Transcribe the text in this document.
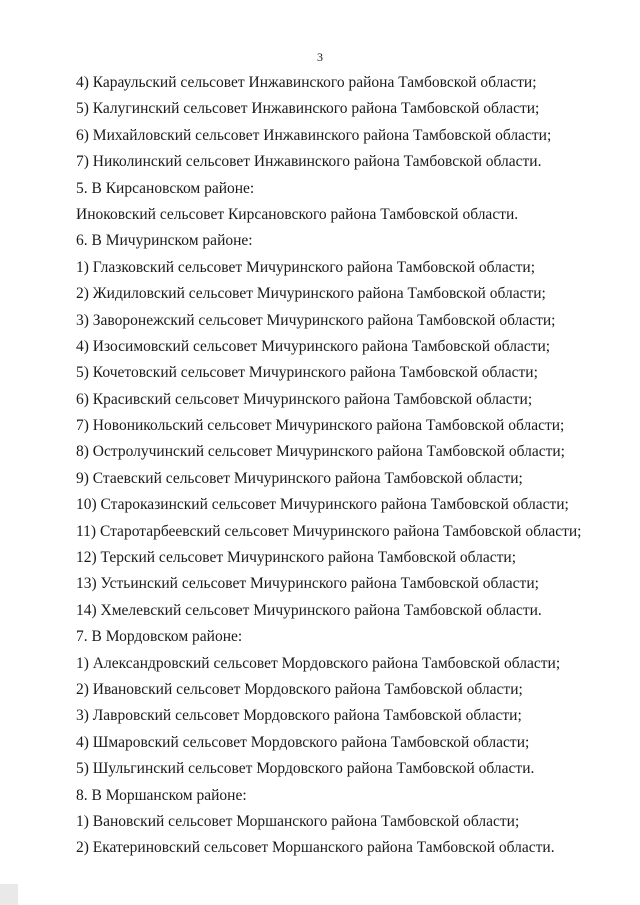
3

4) Караульский сельсовет Инжавинского района Тамбовской области;

5) Калугинский сельсовет Инжавинского района Тамбовской области;

6) Михайловский сельсовет Инжавинского района Тамбовской области;

7) Николинский сельсовет Инжавинского района Тамбовской области.

5. В Кирсановском районе:

Иноковский сельсовет Кирсановского района Тамбовской области.

6. В Мичуринском районе:

1) Глазковский сельсовет Мичуринского района Тамбовской области;

2) Жидиловский сельсовет Мичуринского района Тамбовской области;

3) Заворонежский сельсовет Мичуринского района Тамбовской области;

4) Изосимовский сельсовет Мичуринского района Тамбовской области;

5) Кочетовский сельсовет Мичуринского района Тамбовской области;

6) Красивский сельсовет Мичуринского района Тамбовской области;

7) Новоникольский сельсовет Мичуринского района Тамбовской области;

8) Остролучинский сельсовет Мичуринского района Тамбовской области;

9) Стаевский сельсовет Мичуринского района Тамбовской области;

10) Староказинский сельсовет Мичуринского района Тамбовской области;

11) Старотарбеевский сельсовет Мичуринского района Тамбовской области;

12) Терский сельсовет Мичуринского района Тамбовской области;

13) Устьинский сельсовет Мичуринского района Тамбовской области;

14) Хмелевский сельсовет Мичуринского района Тамбовской области.

7. В Мордовском районе:

1) Александровский сельсовет Мордовского района Тамбовской области;

2) Ивановский сельсовет Мордовского района Тамбовской области;

3) Лавровский сельсовет Мордовского района Тамбовской области;

4) Шмаровский сельсовет Мордовского района Тамбовской области;

5) Шульгинский сельсовет Мордовского района Тамбовской области.

8. В Моршанском районе:

1) Вановский сельсовет Моршанского района Тамбовской области;

2) Екатериновский сельсовет Моршанского района Тамбовской области.
